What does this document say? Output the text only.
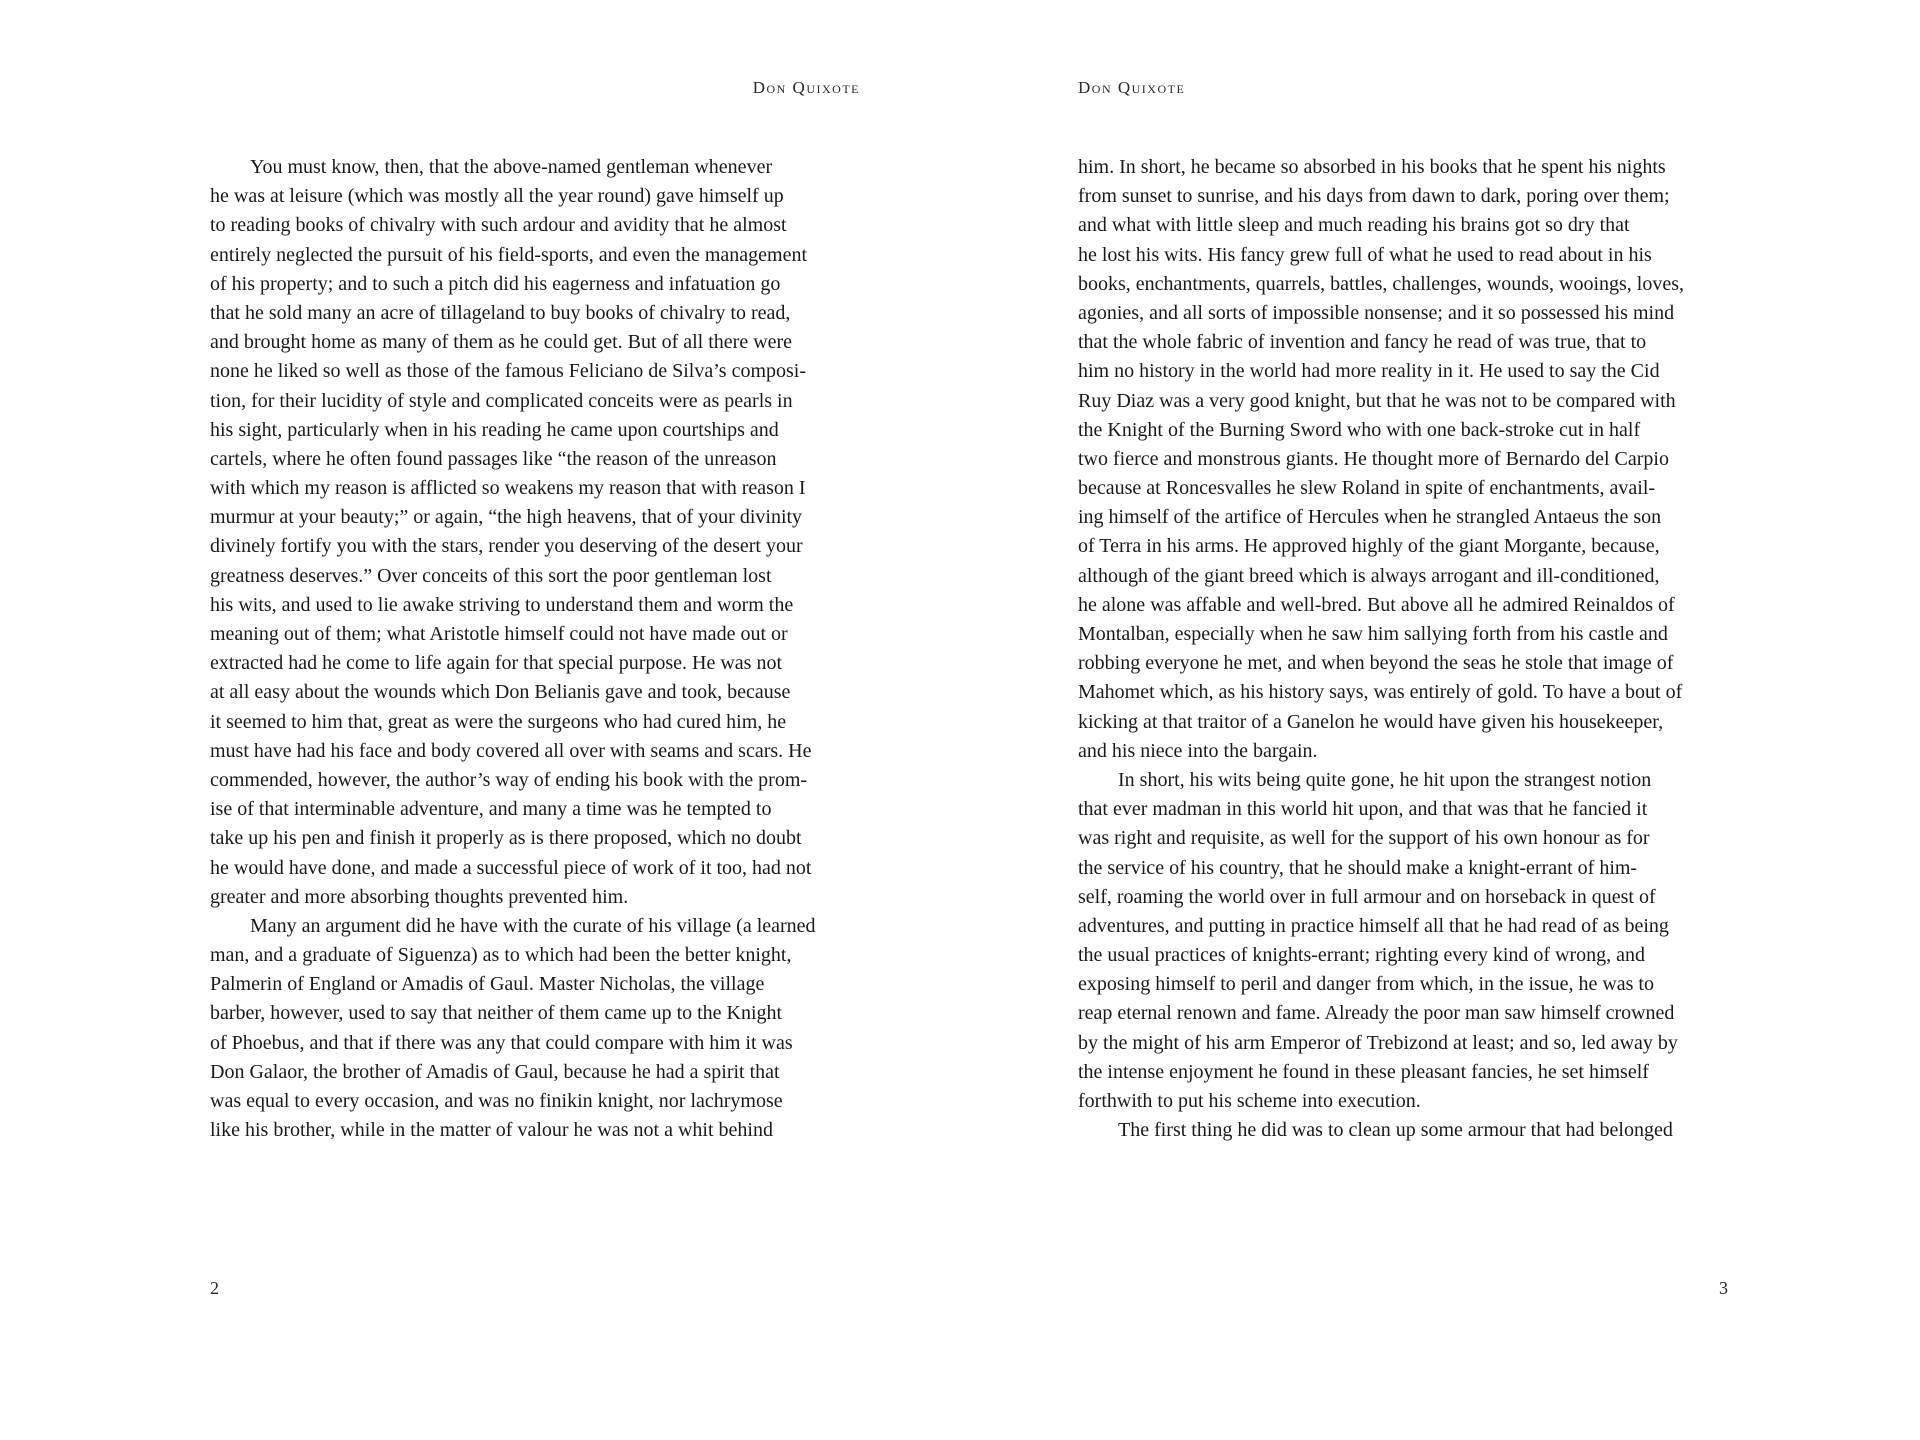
Don Quixote
You must know, then, that the above-named gentleman whenever
he was at leisure (which was mostly all the year round) gave himself up
to reading books of chivalry with such ardour and avidity that he almost
entirely neglected the pursuit of his field-sports, and even the management
of his property; and to such a pitch did his eagerness and infatuation go
that he sold many an acre of tillageland to buy books of chivalry to read,
and brought home as many of them as he could get. But of all there were
none he liked so well as those of the famous Feliciano de Silva’s composi-
tion, for their lucidity of style and complicated conceits were as pearls in
his sight, particularly when in his reading he came upon courtships and
cartels, where he often found passages like “the reason of the unreason
with which my reason is afflicted so weakens my reason that with reason I
murmur at your beauty;” or again, “the high heavens, that of your divinity
divinely fortify you with the stars, render you deserving of the desert your
greatness deserves.” Over conceits of this sort the poor gentleman lost
his wits, and used to lie awake striving to understand them and worm the
meaning out of them; what Aristotle himself could not have made out or
extracted had he come to life again for that special purpose. He was not
at all easy about the wounds which Don Belianis gave and took, because
it seemed to him that, great as were the surgeons who had cured him, he
must have had his face and body covered all over with seams and scars. He
commended, however, the author’s way of ending his book with the prom-
ise of that interminable adventure, and many a time was he tempted to
take up his pen and finish it properly as is there proposed, which no doubt
he would have done, and made a successful piece of work of it too, had not
greater and more absorbing thoughts prevented him.
Many an argument did he have with the curate of his village (a learned
man, and a graduate of Siguenza) as to which had been the better knight,
Palmerin of England or Amadis of Gaul. Master Nicholas, the village
barber, however, used to say that neither of them came up to the Knight
of Phoebus, and that if there was any that could compare with him it was
Don Galaor, the brother of Amadis of Gaul, because he had a spirit that
was equal to every occasion, and was no finikin knight, nor lachrymose
like his brother, while in the matter of valour he was not a whit behind
2
Don Quixote
him. In short, he became so absorbed in his books that he spent his nights
from sunset to sunrise, and his days from dawn to dark, poring over them;
and what with little sleep and much reading his brains got so dry that
he lost his wits. His fancy grew full of what he used to read about in his
books, enchantments, quarrels, battles, challenges, wounds, wooings, loves,
agonies, and all sorts of impossible nonsense; and it so possessed his mind
that the whole fabric of invention and fancy he read of was true, that to
him no history in the world had more reality in it. He used to say the Cid
Ruy Diaz was a very good knight, but that he was not to be compared with
the Knight of the Burning Sword who with one back-stroke cut in half
two fierce and monstrous giants. He thought more of Bernardo del Carpio
because at Roncesvalles he slew Roland in spite of enchantments, avail-
ing himself of the artifice of Hercules when he strangled Antaeus the son
of Terra in his arms. He approved highly of the giant Morgante, because,
although of the giant breed which is always arrogant and ill-conditioned,
he alone was affable and well-bred. But above all he admired Reinaldos of
Montalban, especially when he saw him sallying forth from his castle and
robbing everyone he met, and when beyond the seas he stole that image of
Mahomet which, as his history says, was entirely of gold. To have a bout of
kicking at that traitor of a Ganelon he would have given his housekeeper,
and his niece into the bargain.
In short, his wits being quite gone, he hit upon the strangest notion
that ever madman in this world hit upon, and that was that he fancied it
was right and requisite, as well for the support of his own honour as for
the service of his country, that he should make a knight-errant of him-
self, roaming the world over in full armour and on horseback in quest of
adventures, and putting in practice himself all that he had read of as being
the usual practices of knights-errant; righting every kind of wrong, and
exposing himself to peril and danger from which, in the issue, he was to
reap eternal renown and fame. Already the poor man saw himself crowned
by the might of his arm Emperor of Trebizond at least; and so, led away by
the intense enjoyment he found in these pleasant fancies, he set himself
forthwith to put his scheme into execution.
The first thing he did was to clean up some armour that had belonged
3
